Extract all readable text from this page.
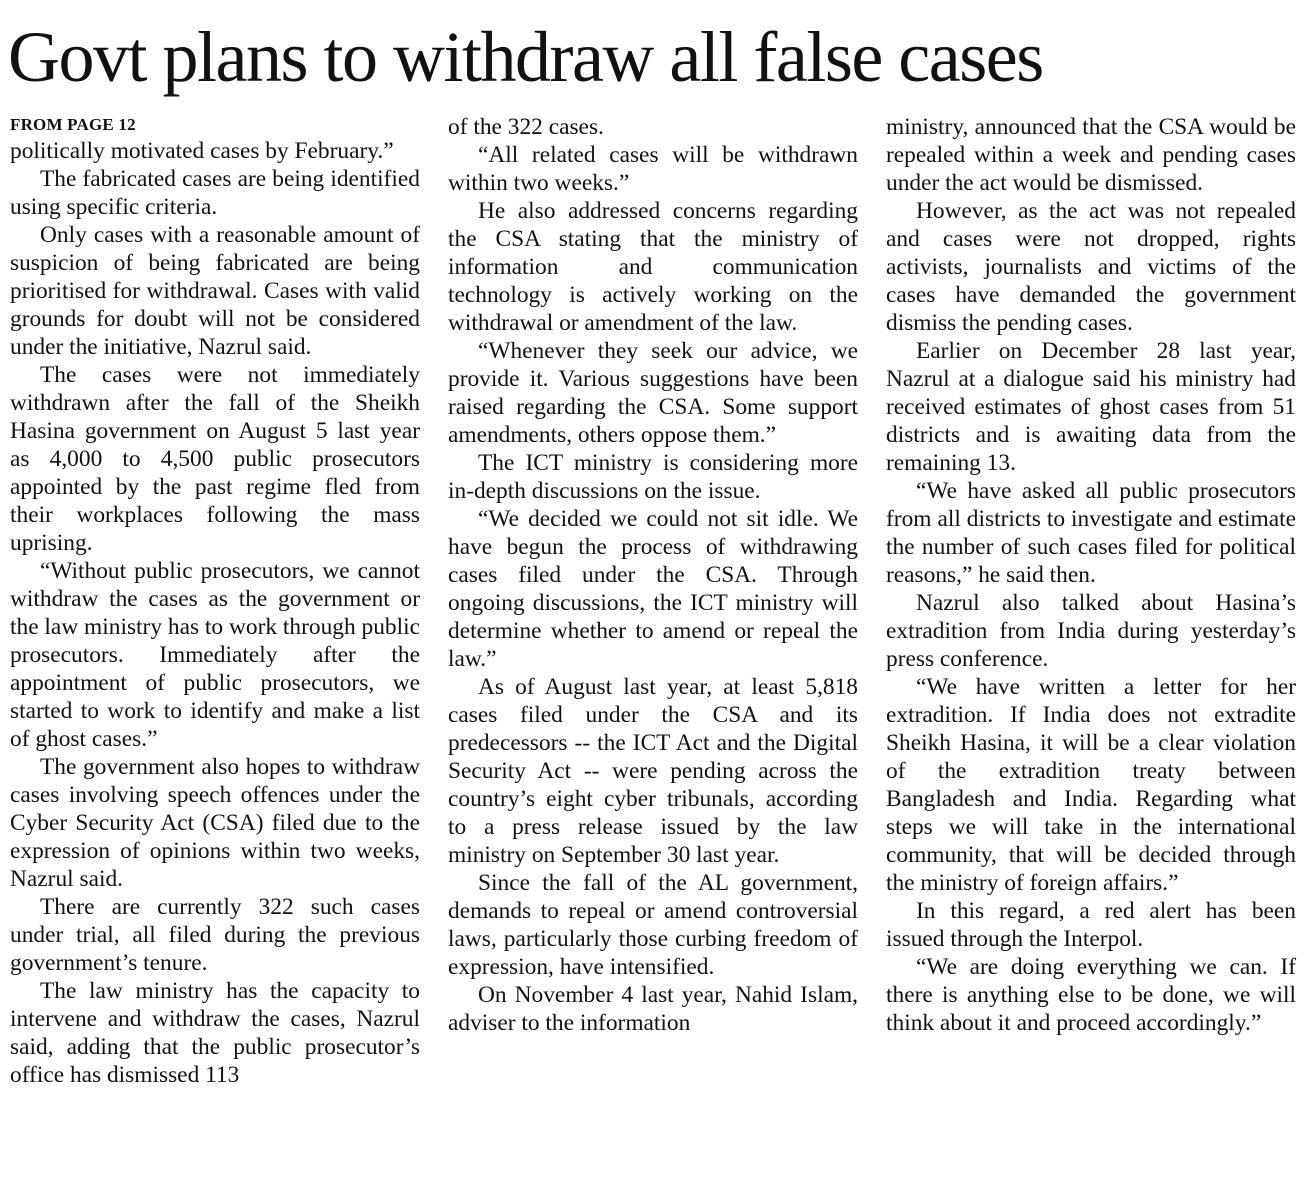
Govt plans to withdraw all false cases
FROM PAGE 12

politically motivated cases by February.”

The fabricated cases are being identified using specific criteria.

Only cases with a reasonable amount of suspicion of being fabricated are being prioritised for withdrawal. Cases with valid grounds for doubt will not be considered under the initiative, Nazrul said.

The cases were not immediately withdrawn after the fall of the Sheikh Hasina government on August 5 last year as 4,000 to 4,500 public prosecutors appointed by the past regime fled from their workplaces following the mass uprising.

“Without public prosecutors, we cannot withdraw the cases as the government or the law ministry has to work through public prosecutors. Immediately after the appointment of public prosecutors, we started to work to identify and make a list of ghost cases.”

The government also hopes to withdraw cases involving speech offences under the Cyber Security Act (CSA) filed due to the expression of opinions within two weeks, Nazrul said.

There are currently 322 such cases under trial, all filed during the previous government’s tenure.

The law ministry has the capacity to intervene and withdraw the cases, Nazrul said, adding that the public prosecutor’s office has dismissed 113

of the 322 cases.

“All related cases will be withdrawn within two weeks.”

He also addressed concerns regarding the CSA stating that the ministry of information and communication technology is actively working on the withdrawal or amendment of the law.

“Whenever they seek our advice, we provide it. Various suggestions have been raised regarding the CSA. Some support amendments, others oppose them.”

The ICT ministry is considering more in-depth discussions on the issue.

“We decided we could not sit idle. We have begun the process of withdrawing cases filed under the CSA. Through ongoing discussions, the ICT ministry will determine whether to amend or repeal the law.”

As of August last year, at least 5,818 cases filed under the CSA and its predecessors -- the ICT Act and the Digital Security Act -- were pending across the country’s eight cyber tribunals, according to a press release issued by the law ministry on September 30 last year.

Since the fall of the AL government, demands to repeal or amend controversial laws, particularly those curbing freedom of expression, have intensified.

On November 4 last year, Nahid Islam, adviser to the information

ministry, announced that the CSA would be repealed within a week and pending cases under the act would be dismissed.

However, as the act was not repealed and cases were not dropped, rights activists, journalists and victims of the cases have demanded the government dismiss the pending cases.

Earlier on December 28 last year, Nazrul at a dialogue said his ministry had received estimates of ghost cases from 51 districts and is awaiting data from the remaining 13.

“We have asked all public prosecutors from all districts to investigate and estimate the number of such cases filed for political reasons,” he said then.

Nazrul also talked about Hasina’s extradition from India during yesterday’s press conference.

“We have written a letter for her extradition. If India does not extradite Sheikh Hasina, it will be a clear violation of the extradition treaty between Bangladesh and India. Regarding what steps we will take in the international community, that will be decided through the ministry of foreign affairs.”

In this regard, a red alert has been issued through the Interpol.

“We are doing everything we can. If there is anything else to be done, we will think about it and proceed accordingly.”
